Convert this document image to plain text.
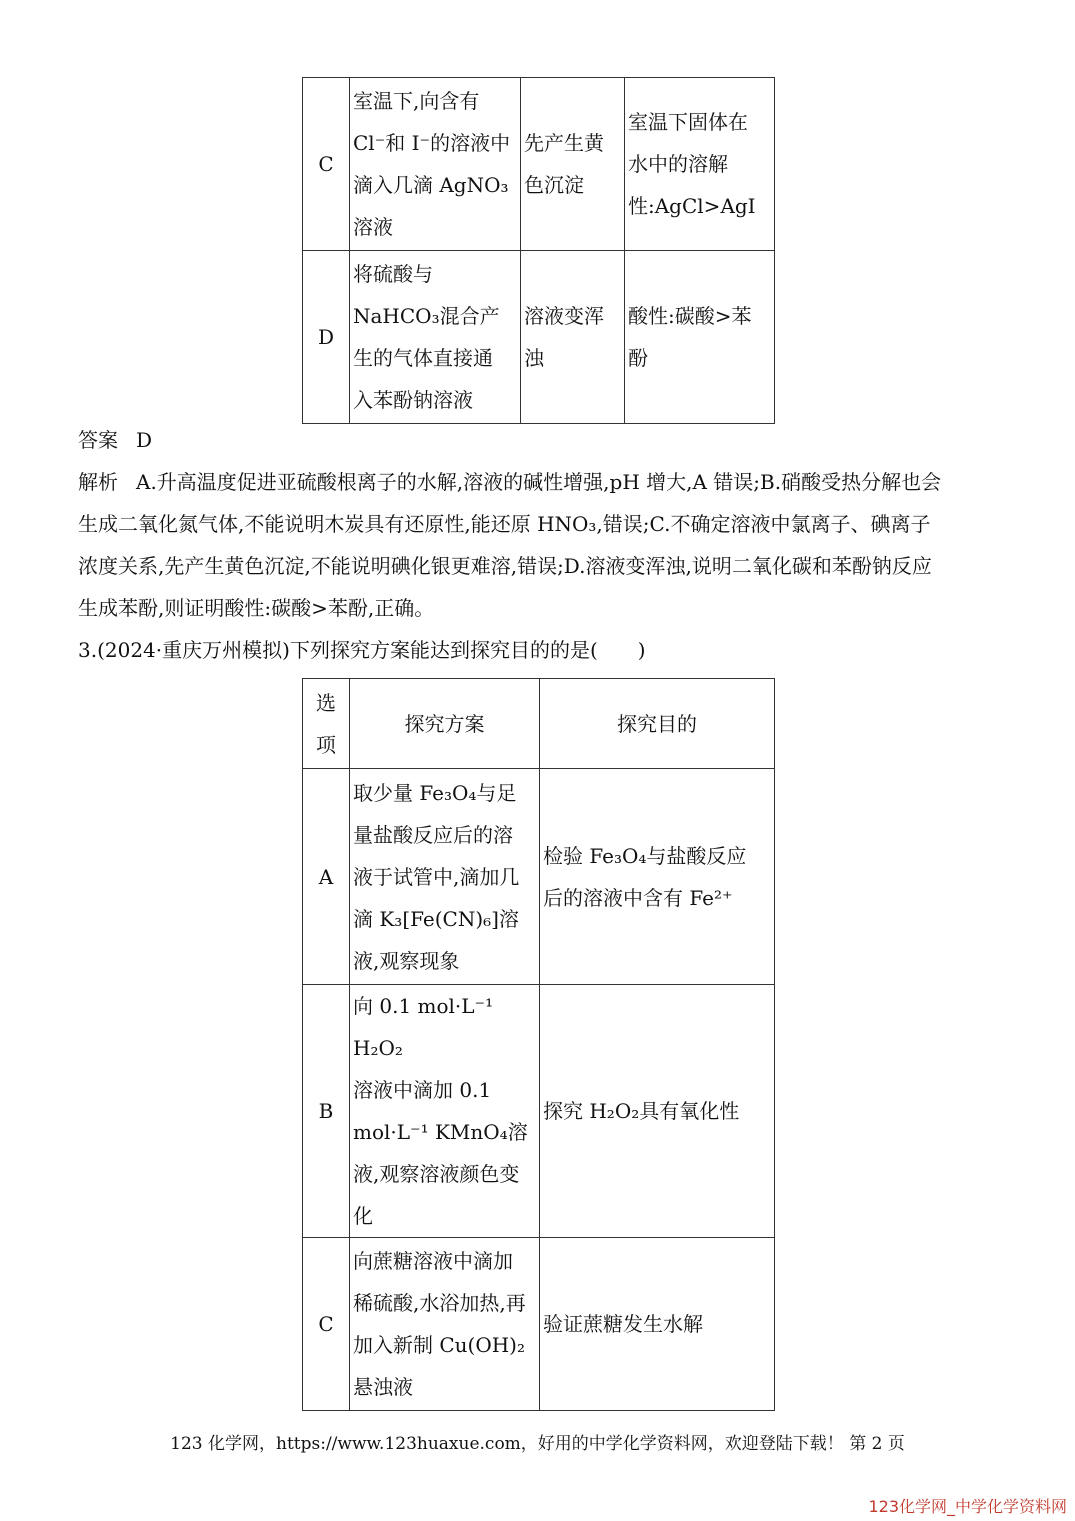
C	室温下,向含有
Cl⁻和 I⁻的溶液中
滴入几滴 AgNO₃
溶液	先产生黄
色沉淀	室温下固体在
水中的溶解
性:AgCl>AgI
D	将硫酸与
NaHCO₃混合产
生的气体直接通
入苯酚钠溶液	溶液变浑
浊	酸性:碳酸>苯
酚
答案 D
解析 A.升高温度促进亚硫酸根离子的水解,溶液的碱性增强,pH 增大,A 错误;B.硝酸受热分解也会
生成二氧化氮气体,不能说明木炭具有还原性,能还原 HNO₃,错误;C.不确定溶液中氯离子、碘离子
浓度关系,先产生黄色沉淀,不能说明碘化银更难溶,错误;D.溶液变浑浊,说明二氧化碳和苯酚钠反应
生成苯酚,则证明酸性:碳酸>苯酚,正确。
3.(2024·重庆万州模拟)下列探究方案能达到探究目的的是(　　)
选
项	探究方案	探究目的
A	取少量 Fe₃O₄与足
量盐酸反应后的溶
液于试管中,滴加几
滴 K₃[Fe(CN)₆]溶
液,观察现象	检验 Fe₃O₄与盐酸反应
后的溶液中含有 Fe²⁺
B	向 0.1 mol·L⁻¹ H₂O₂
溶液中滴加 0.1
mol·L⁻¹ KMnO₄溶
液,观察溶液颜色变
化	探究 H₂O₂具有氧化性
C	向蔗糖溶液中滴加
稀硫酸,水浴加热,再
加入新制 Cu(OH)₂
悬浊液	验证蔗糖发生水解
123 化学网，https://www.123huaxue.com，好用的中学化学资料网，欢迎登陆下载！ 第 2 页
123化学网_中学化学资料网
